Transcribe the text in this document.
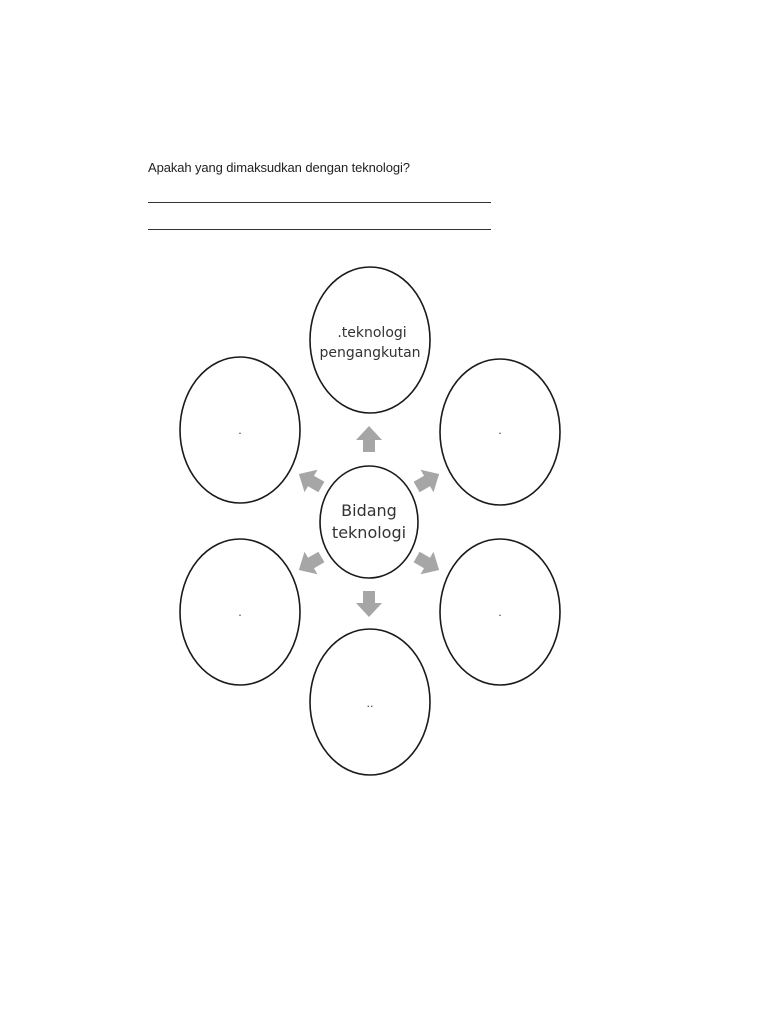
Apakah yang dimaksudkan dengan teknologi?
.teknologi
pengangkutan
Bidang
teknologi
.	.
.	.
..
